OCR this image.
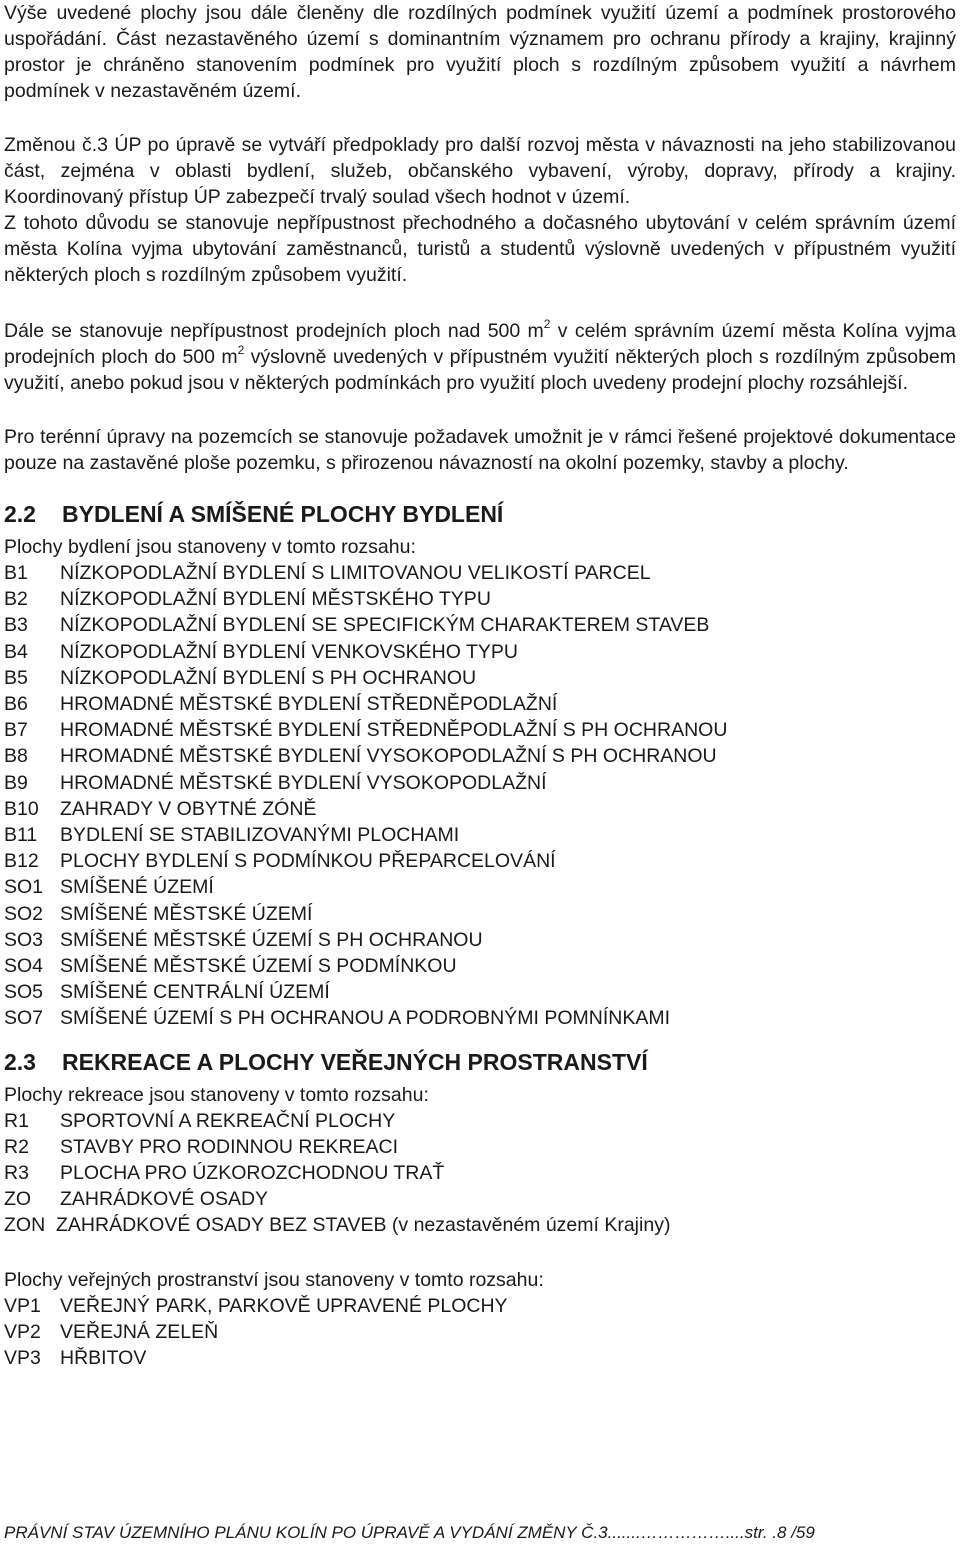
Výše uvedené plochy jsou dále členěny dle rozdílných podmínek využití území a podmínek prostorového uspořádání. Část nezastavěného území s dominantním významem pro ochranu přírody a krajiny, krajinný prostor je chráněno stanovením podmínek pro využití ploch s rozdílným způsobem využití a návrhem podmínek v nezastavěném území.

Změnou č.3 ÚP po úpravě se vytváří předpoklady pro další rozvoj města v návaznosti na jeho stabilizovanou část, zejména v oblasti bydlení, služeb, občanského vybavení, výroby, dopravy, přírody a krajiny. Koordinovaný přístup ÚP zabezpečí trvalý soulad všech hodnot v území.

Z tohoto důvodu se stanovuje nepřípustnost přechodného a dočasného ubytování v celém správním území města Kolína vyjma ubytování zaměstnanců, turistů a studentů výslovně uvedených v přípustném využití některých ploch s rozdílným způsobem využití.

Dále se stanovuje nepřípustnost prodejních ploch nad 500 $m^2$ v celém správním území města Kolína vyjma prodejních ploch do 500 $m^2$ výslovně uvedených v přípustném využití některých ploch s rozdílným způsobem využití, anebo pokud jsou v některých podmínkách pro využití ploch uvedeny prodejní plochy rozsáhlejší.

Pro terénní úpravy na pozemcích se stanovuje požadavek umožnit je v rámci řešené projektové dokumentace pouze na zastavěné ploše pozemku, s přirozenou návazností na okolní pozemky, stavby a plochy.

2.2 BYDLENÍ A SMÍŠENÉ PLOCHY BYDLENÍ

Plochy bydlení jsou stanoveny v tomto rozsahu:

B1	NÍZKOPODLAŽNÍ BYDLENÍ S LIMITOVANOU VELIKOSTÍ PARCEL
B2	NÍZKOPODLAŽNÍ BYDLENÍ MĚSTSKÉHO TYPU
B3	NÍZKOPODLAŽNÍ BYDLENÍ SE SPECIFICKÝM CHARAKTEREM STAVEB
B4	NÍZKOPODLAŽNÍ BYDLENÍ VENKOVSKÉHO TYPU
B5	NÍZKOPODLAŽNÍ BYDLENÍ S PH OCHRANOU
B6	HROMADNÉ MĚSTSKÉ BYDLENÍ STŘEDNĚPODLAŽNÍ
B7	HROMADNÉ MĚSTSKÉ BYDLENÍ STŘEDNĚPODLAŽNÍ S PH OCHRANOU
B8	HROMADNÉ MĚSTSKÉ BYDLENÍ VYSOKOPODLAŽNÍ S PH OCHRANOU
B9	HROMADNÉ MĚSTSKÉ BYDLENÍ VYSOKOPODLAŽNÍ
B10	ZAHRADY V OBYTNÉ ZÓNĚ
B11	BYDLENÍ SE STABILIZOVANÝMI PLOCHAMI
B12	PLOCHY BYDLENÍ S PODMÍNKOU PŘEPARCELOVÁNÍ
SO1 SMÍŠENÉ ÚZEMÍ
SO2 SMÍŠENÉ MĚSTSKÉ ÚZEMÍ
SO3 SMÍŠENÉ MĚSTSKÉ ÚZEMÍ S PH OCHRANOU
SO4 SMÍŠENÉ MĚSTSKÉ ÚZEMÍ S PODMÍNKOU
SO5 SMÍŠENÉ CENTRÁLNÍ ÚZEMÍ
SO7 SMÍŠENÉ ÚZEMÍ S PH OCHRANOU A PODROBNÝMI POMNÍNKAMI
2.3 REKREACE A PLOCHY VEŘEJNÝCH PROSTRANSTVÍ

Plochy rekreace jsou stanoveny v tomto rozsahu:

R1	SPORTOVNÍ A REKREAČNÍ PLOCHY
R2	STAVBY PRO RODINNOU REKREACI
R3	PLOCHA PRO ÚZKOROZCHODNOU TRAŤ
ZO	ZAHRÁDKOVÉ OSADY
ZON ZAHRÁDKOVÉ OSADY BEZ STAVEB (v nezastavěném území Krajiny)

Plochy veřejných prostranství jsou stanoveny v tomto rozsahu:

VP1 VEŘEJNÝ PARK, PARKOVĚ UPRAVENÉ PLOCHY
VP2 VEŘEJNÁ ZELEŇ
VP3 HŘBITOV
PRÁVNÍ STAV ÚZEMNÍHO PLÁNU KOLÍN PO ÚPRAVĚ A VYDÁNÍ ZMĚNY Č.3.......……………....str. .8 /59
